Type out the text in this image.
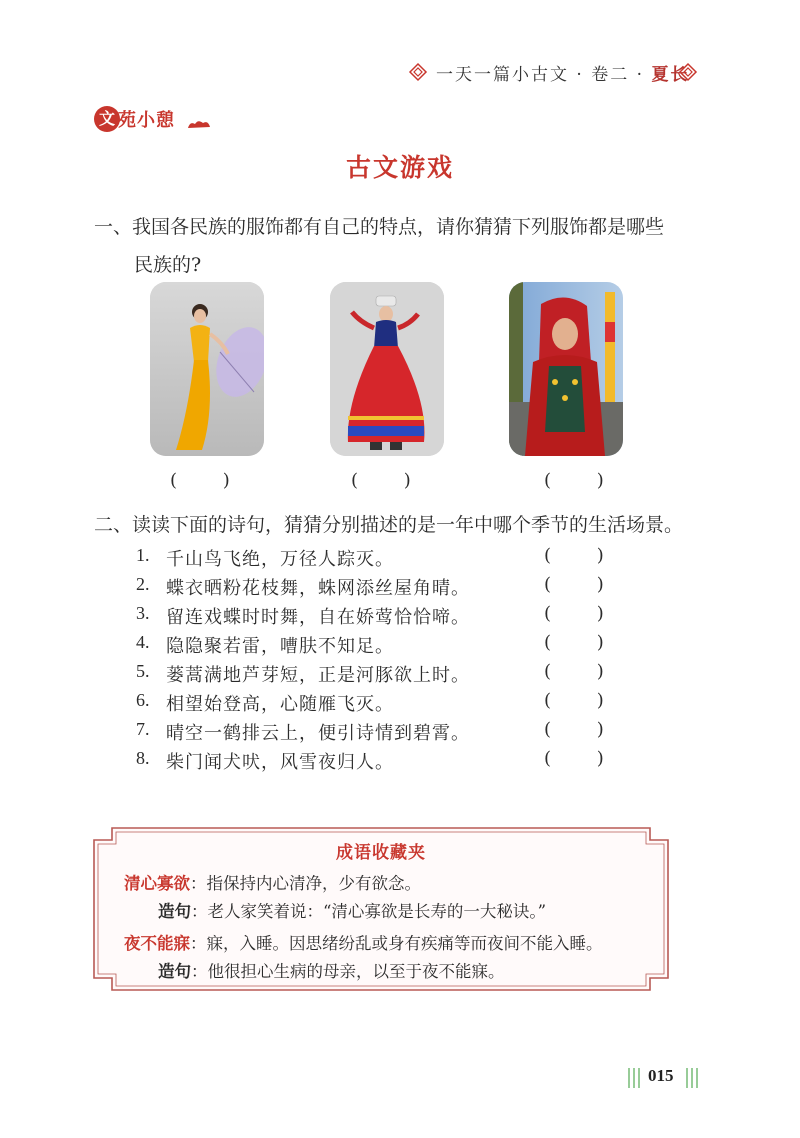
一天一篇小古文 · 卷二 · 夏长
文 苑小憩
古文游戏
一、我国各民族的服饰都有自己的特点，请你猜猜下列服饰都是哪些
民族的?
(        )	(        )	(        )
二、读读下面的诗句，猜猜分别描述的是一年中哪个季节的生活场景。
1. 千山鸟飞绝，万径人踪灭。	(        )
2. 蝶衣晒粉花枝舞，蛛网添丝屋角晴。	(        )
3. 留连戏蝶时时舞，自在娇莺恰恰啼。	(        )
4. 隐隐聚若雷，嘈肤不知足。	(        )
5. 蒌蒿满地芦芽短，正是河豚欲上时。	(        )
6. 相望始登高，心随雁飞灭。	(        )
7. 晴空一鹤排云上，便引诗情到碧霄。	(        )
8. 柴门闻犬吠，风雪夜归人。	(        )
成语收藏夹
清心寡欲：指保持内心清净，少有欲念。
造句：老人家笑着说：“清心寡欲是长寿的一大秘诀。”
夜不能寐：寐，入睡。因思绪纷乱或身有疾痛等而夜间不能入睡。
造句：他很担心生病的母亲，以至于夜不能寐。
015
